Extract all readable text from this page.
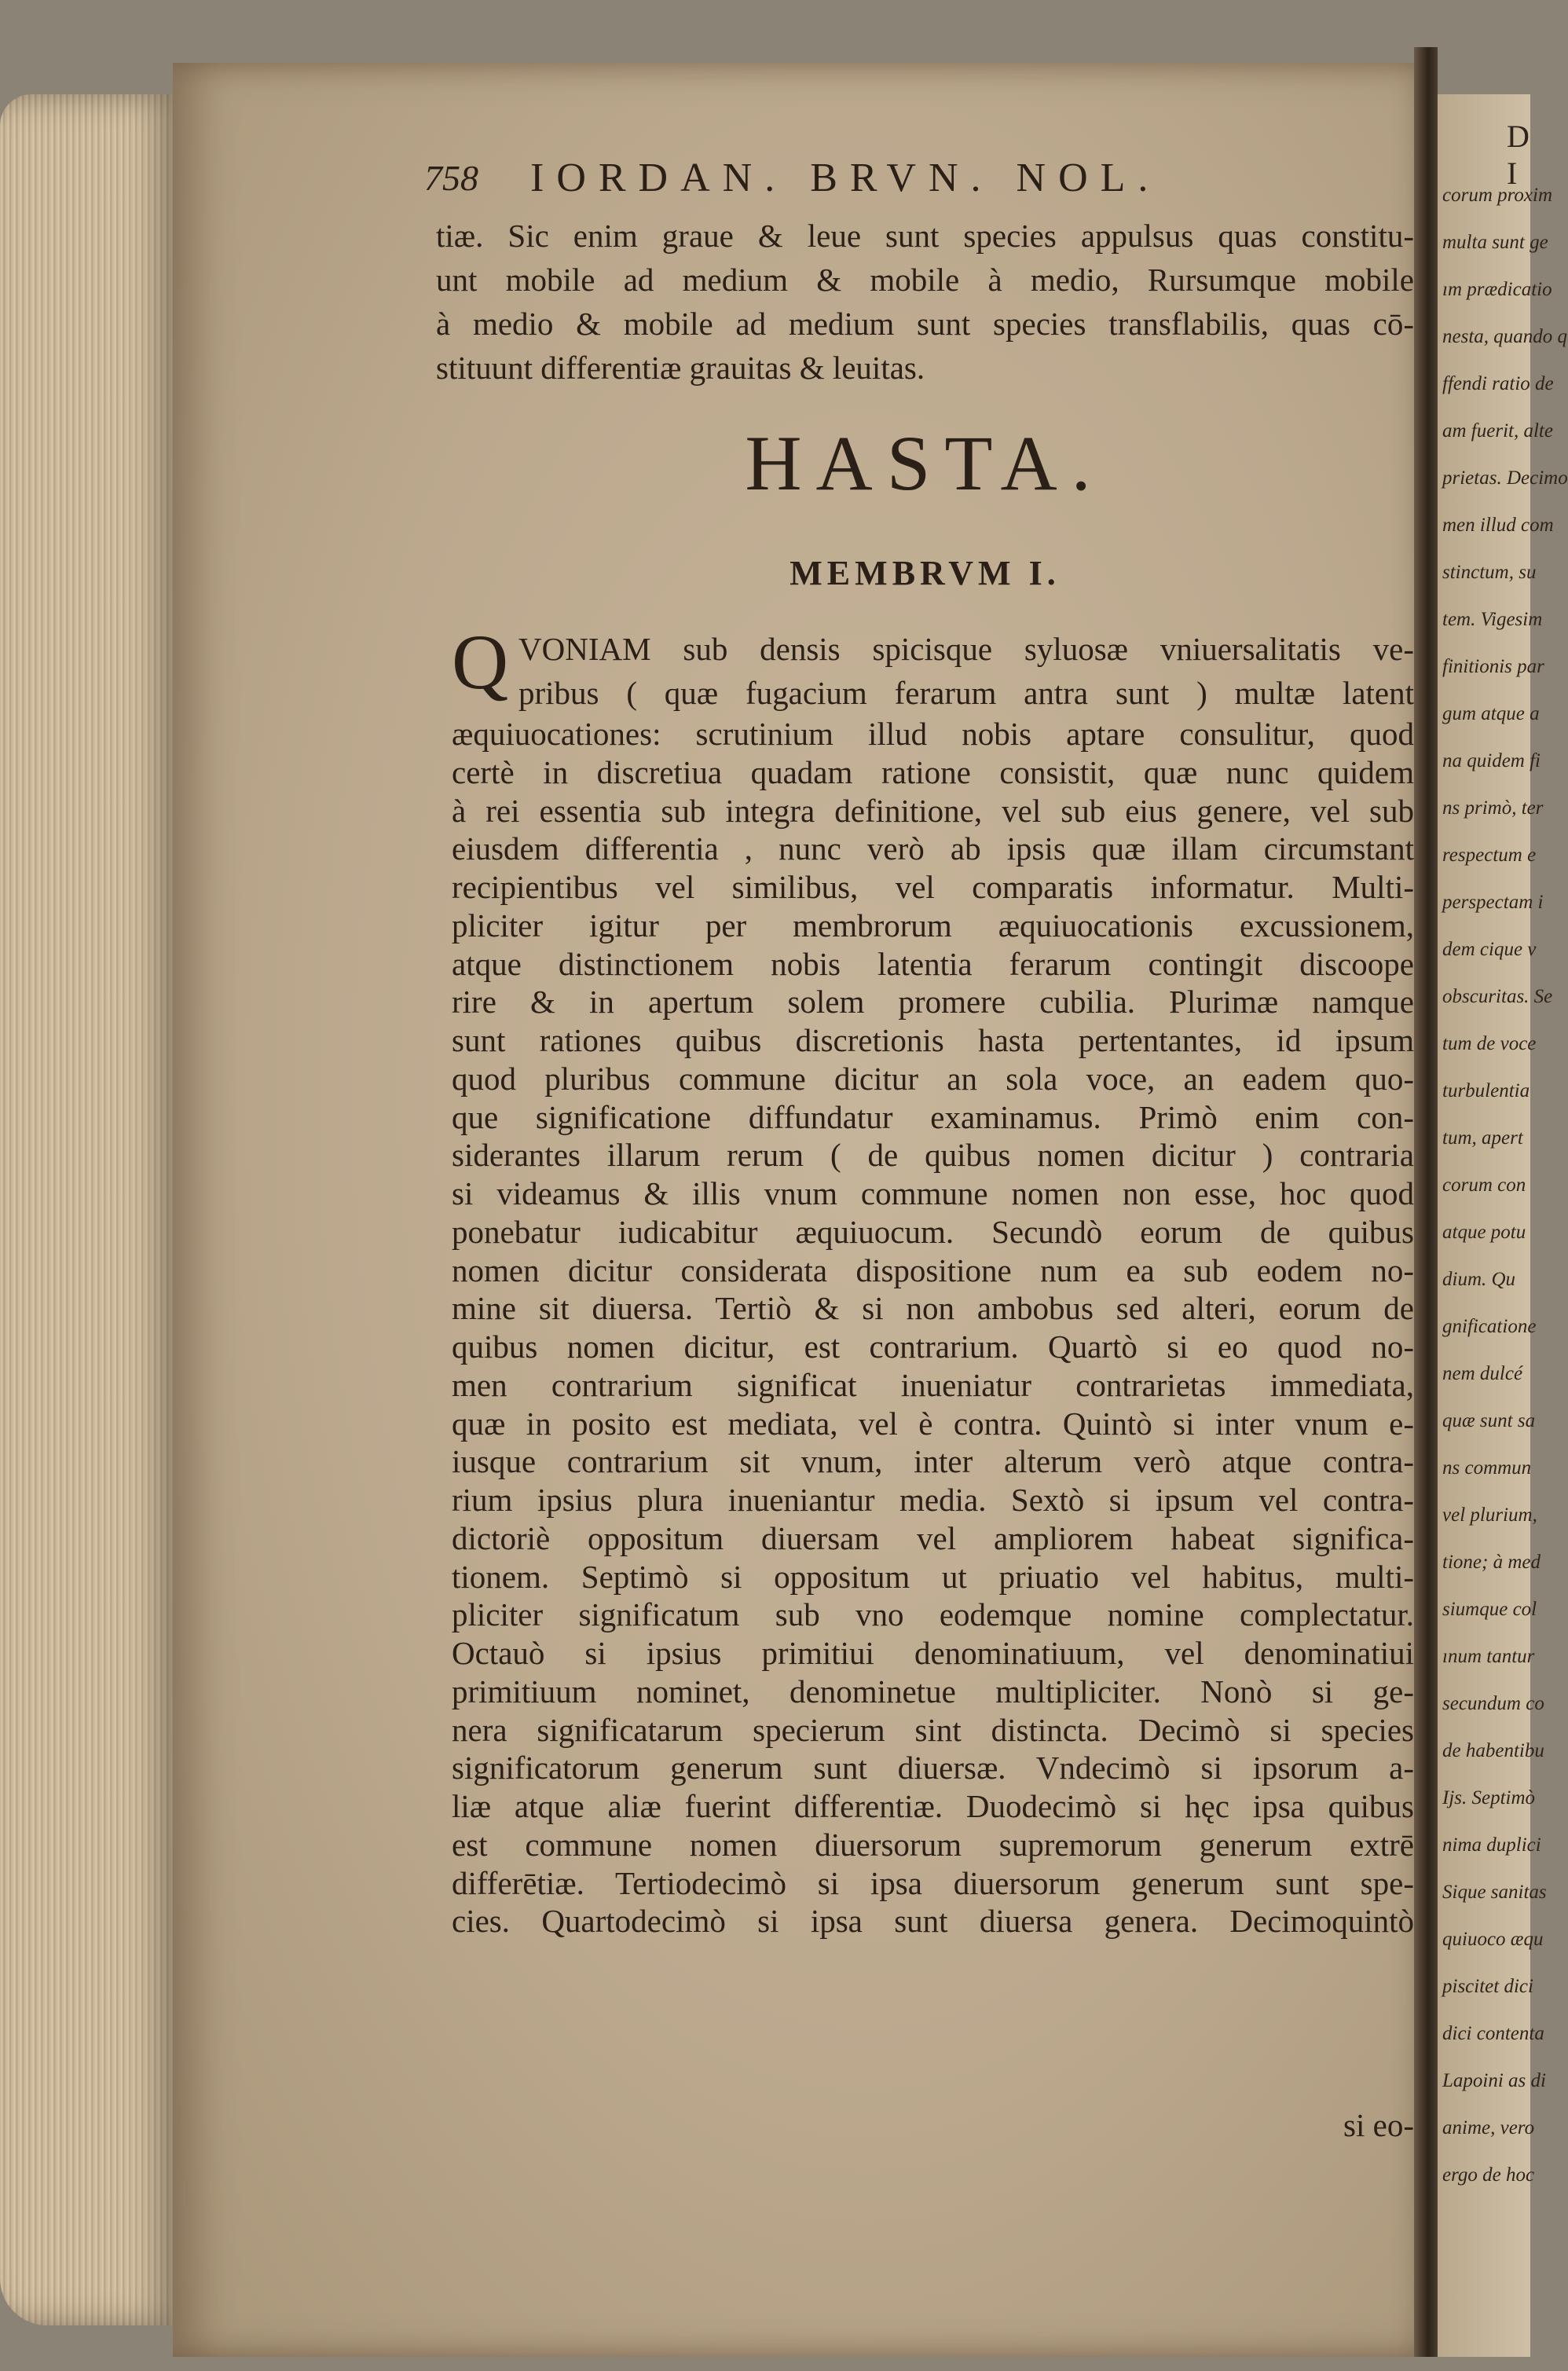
corum proxim
multa sunt ge
ım prædicatio
nesta, quando q
ffendi ratio de
am fuerit, alte
prietas. Decimo
men illud com
stinctum, su
tem. Vigesim
finitionis par
gum atque a
na quidem fi
ns primò, ter
respectum e
perspectam i
dem cique v
obscuritas. Se
tum de voce
turbulentia
tum, apert
corum con
atque potu
dium. Qu
gnificatione
nem dulcé
quæ sunt sa
ns commun
vel plurium,
tione; à med
siumque col
ınum tantur
secundum co
de habentibu
Ijs. Septimò
nima duplici
Sique sanitas
quiuoco æqu
piscitet dici
dici contenta
Lapoini as di
anime, vero
ergo de hoc
D I
758	IORDAN. BRVN. NOL.
tiæ. Sic enim graue & leue sunt species appulsus quas constitu-
unt mobile ad medium & mobile à medio, Rursumque mobile
à medio & mobile ad medium sunt species transflabilis, quas cō-
stituunt differentiæ grauitas & leuitas.
HASTA.
MEMBRVM I.
Q VONIAM sub densis spicisque syluosæ vniuersalitatis ve-
pribus ( quæ fugacium ferarum antra sunt ) multæ latent
æquiuocationes: scrutinium illud nobis aptare consulitur, quod
certè in discretiua quadam ratione consistit, quæ nunc quidem
à rei essentia sub integra definitione, vel sub eius genere, vel sub
eiusdem differentia , nunc verò ab ipsis quæ illam circumstant
recipientibus vel similibus, vel comparatis informatur. Multi-
pliciter igitur per membrorum æquiuocationis excussionem,
atque distinctionem nobis latentia ferarum contingit discoope
rire & in apertum solem promere cubilia. Plurimæ namque
sunt rationes quibus discretionis hasta pertentantes, id ipsum
quod pluribus commune dicitur an sola voce, an eadem quo-
que significatione diffundatur examinamus. Primò enim con-
siderantes illarum rerum ( de quibus nomen dicitur ) contraria
si videamus & illis vnum commune nomen non esse, hoc quod
ponebatur iudicabitur æquiuocum. Secundò eorum de quibus
nomen dicitur considerata dispositione num ea sub eodem no-
mine sit diuersa. Tertiò & si non ambobus sed alteri, eorum de
quibus nomen dicitur, est contrarium. Quartò si eo quod no-
men contrarium significat inueniatur contrarietas immediata,
quæ in posito est mediata, vel è contra. Quintò si inter vnum e-
iusque contrarium sit vnum, inter alterum verò atque contra-
rium ipsius plura inueniantur media. Sextò si ipsum vel contra-
dictoriè oppositum diuersam vel ampliorem habeat significa-
tionem. Septimò si oppositum ut priuatio vel habitus, multi-
pliciter significatum sub vno eodemque nomine complectatur.
Octauò si ipsius primitiui denominatiuum, vel denominatiui
primitiuum nominet, denominetue multipliciter. Nonò si ge-
nera significatarum specierum sint distincta. Decimò si species
significatorum generum sunt diuersæ. Vndecimò si ipsorum a-
liæ atque aliæ fuerint differentiæ. Duodecimò si hęc ipsa quibus
est commune nomen diuersorum supremorum generum extrē
differētiæ. Tertiodecimò si ipsa diuersorum generum sunt spe-
cies. Quartodecimò si ipsa sunt diuersa genera. Decimoquintò
si eo-
